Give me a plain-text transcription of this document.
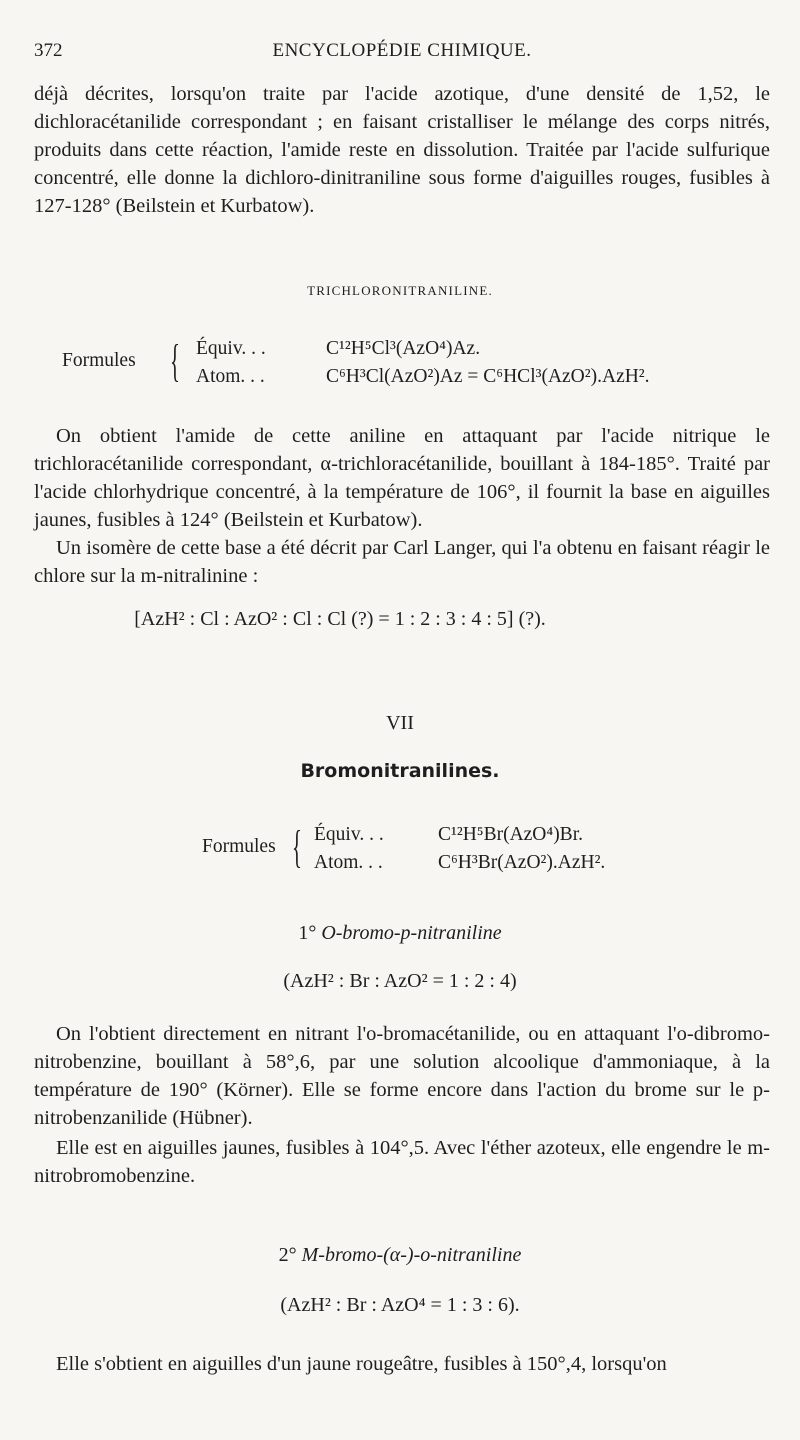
372	ENCYCLOPÉDIE CHIMIQUE.

déjà décrites, lorsqu'on traite par l'acide azotique, d'une densité de 1,52, le dichloracétanilide correspondant ; en faisant cristalliser le mélange des corps nitrés, produits dans cette réaction, l'amide reste en dissolution. Traitée par l'acide sulfurique concentré, elle donne la dichloro-dinitraniline sous forme d'aiguilles rouges, fusibles à 127-128° (Beilstein et Kurbatow).

TRICHLORONITRANILINE.
Formules { Équiv. . .	C¹²H⁵Cl³(AzO⁴)Az.
Atom. . .	C⁶H³Cl(AzO²)Az = C⁶HCl³(AzO²).AzH².

On obtient l'amide de cette aniline en attaquant par l'acide nitrique le trichloracétanilide correspondant, α-trichloracétanilide, bouillant à 184-185°. Traité par l'acide chlorhydrique concentré, à la température de 106°, il fournit la base en aiguilles jaunes, fusibles à 124° (Beilstein et Kurbatow).

Un isomère de cette base a été décrit par Carl Langer, qui l'a obtenu en faisant réagir le chlore sur la m-nitralinine :

[AzH² : Cl : AzO² : Cl : Cl (?) = 1 : 2 : 3 : 4 : 5] (?).
VII
Bromonitranilines.
Formules { Équiv. . .	C¹²H⁵Br(AzO⁴)Br.
Atom. . .	C⁶H³Br(AzO²).AzH².
1° O-bromo-p-nitraniline
(AzH² : Br : AzO² = 1 : 2 : 4)

On l'obtient directement en nitrant l'o-bromacétanilide, ou en attaquant l'o-dibromo-nitrobenzine, bouillant à 58°,6, par une solution alcoolique d'ammoniaque, à la température de 190° (Körner). Elle se forme encore dans l'action du brome sur le p-nitrobenzanilide (Hübner).

Elle est en aiguilles jaunes, fusibles à 104°,5. Avec l'éther azoteux, elle engendre le m-nitrobromobenzine.

2° M-bromo-(α-)-o-nitraniline
(AzH² : Br : AzO⁴ = 1 : 3 : 6).

Elle s'obtient en aiguilles d'un jaune rougeâtre, fusibles à 150°,4, lorsqu'on
